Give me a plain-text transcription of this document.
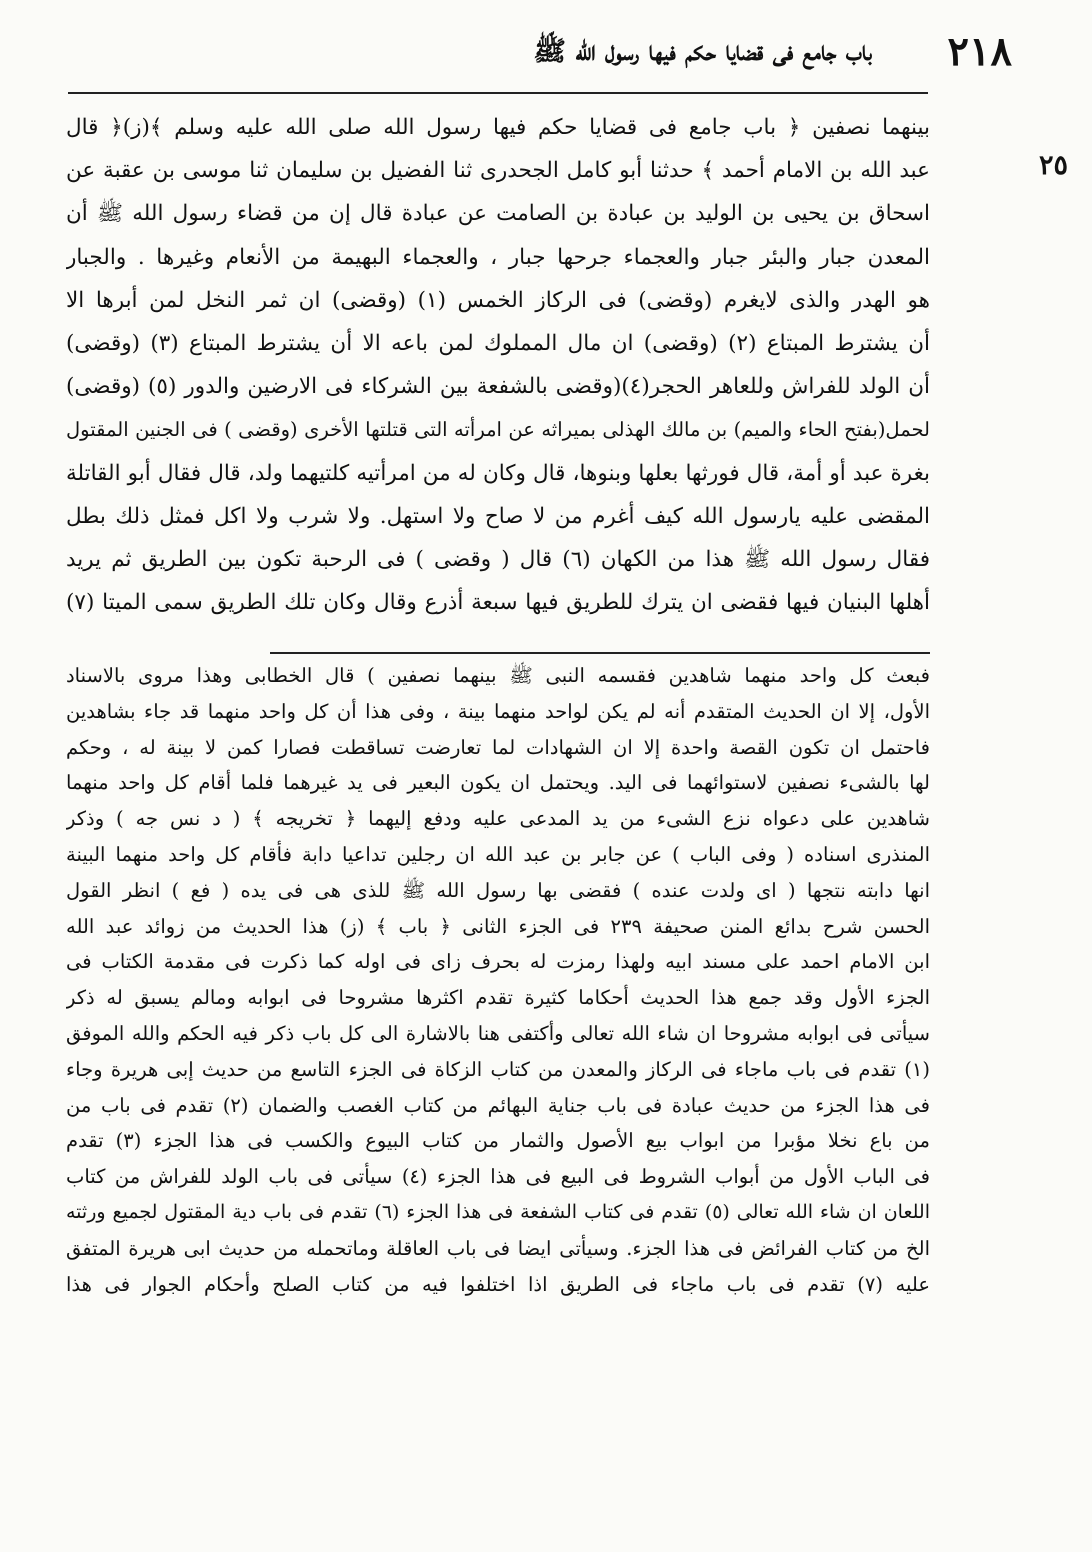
٢١٨
باب جامع فى قضايا حكم فيها رسول الله ﷺ
٢٥
بينهما نصفين ﴿ باب جامع فى قضايا حكم فيها رسول الله صلى الله عليه وسلم ﴾(ز)﴿ قال
عبد الله بن الامام أحمد ﴾ حدثنا أبو كامل الجحدرى ثنا الفضيل بن سليمان ثنا موسى بن عقبة عن
اسحاق بن يحيى بن الوليد بن عبادة بن الصامت عن عبادة قال إن من قضاء رسول الله ﷺ أن
المعدن جبار والبئر جبار والعجماء جرحها جبار ، والعجماء البهيمة من الأنعام وغيرها . والجبار
هو الهدر والذى لايغرم (وقضى) فى الركاز الخمس (١) (وقضى) ان ثمر النخل لمن أبرها الا
أن يشترط المبتاع (٢) (وقضى) ان مال المملوك لمن باعه الا أن يشترط المبتاع (٣) (وقضى)
أن الولد للفراش وللعاهر الحجر(٤)(وقضى بالشفعة بين الشركاء فى الارضين والدور (٥) (وقضى)
لحمل(بفتح الحاء والميم) بن مالك الهذلى بميراثه عن امرأته التى قتلتها الأخرى (وقضى ) فى الجنين المقتول
بغرة عبد أو أمة، قال فورثها بعلها وبنوها، قال وكان له من امرأتيه كلتيهما ولد، قال فقال أبو القاتلة
المقضى عليه يارسول الله كيف أغرم من لا صاح ولا استهل. ولا شرب ولا اكل فمثل ذلك بطل
فقال رسول الله ﷺ هذا من الكهان (٦) قال ( وقضى ) فى الرحبة تكون بين الطريق ثم يريد
أهلها البنيان فيها فقضى ان يترك للطريق فيها سبعة أذرع وقال وكان تلك الطريق سمى الميتا (٧)
فبعث كل واحد منهما شاهدين فقسمه النبى ﷺ بينهما نصفين ) قال الخطابى وهذا مروى بالاسناد
الأول، إلا ان الحديث المتقدم أنه لم يكن لواحد منهما بينة ، وفى هذا أن كل واحد منهما قد جاء بشاهدين
فاحتمل ان تكون القصة واحدة إلا ان الشهادات لما تعارضت تساقطت فصارا كمن لا بينة له ، وحكم
لها بالشىء نصفين لاستوائهما فى اليد. ويحتمل ان يكون البعير فى يد غيرهما فلما أقام كل واحد منهما
شاهدين على دعواه نزع الشىء من يد المدعى عليه ودفع إليهما ﴿ تخريجه ﴾ ( د نس جه ) وذكر
المنذرى اسناده ( وفى الباب ) عن جابر بن عبد الله ان رجلين تداعيا دابة فأقام كل واحد منهما البينة
انها دابته نتجها ( اى ولدت عنده ) فقضى بها رسول الله ﷺ للذى هى فى يده ( فع ) انظر القول
الحسن شرح بدائع المنن صحيفة ٢٣٩ فى الجزء الثانى ﴿ باب ﴾ (ز) هذا الحديث من زوائد عبد الله
ابن الامام احمد على مسند ابيه ولهذا رمزت له بحرف زاى فى اوله كما ذكرت فى مقدمة الكتاب فى
الجزء الأول وقد جمع هذا الحديث أحكاما كثيرة تقدم اكثرها مشروحا فى ابوابه ومالم يسبق له ذكر
سيأتى فى ابوابه مشروحا ان شاء الله تعالى وأكتفى هنا بالاشارة الى كل باب ذكر فيه الحكم والله الموفق
(١) تقدم فى باب ماجاء فى الركاز والمعدن من كتاب الزكاة فى الجزء التاسع من حديث إبى هريرة وجاء
فى هذا الجزء من حديث عبادة فى باب جناية البهائم من كتاب الغصب والضمان (٢) تقدم فى باب من
من باع نخلا مؤبرا من ابواب بيع الأصول والثمار من كتاب البيوع والكسب فى هذا الجزء (٣) تقدم
فى الباب الأول من أبواب الشروط فى البيع فى هذا الجزء (٤) سيأتى فى باب الولد للفراش من كتاب
اللعان ان شاء الله تعالى (٥) تقدم فى كتاب الشفعة فى هذا الجزء (٦) تقدم فى باب دية المقتول لجميع ورثته
الخ من كتاب الفرائض فى هذا الجزء. وسيأتى ايضا فى باب العاقلة وماتحمله من حديث ابى هريرة المتفق
عليه (٧) تقدم فى باب ماجاء فى الطريق اذا اختلفوا فيه من كتاب الصلح وأحكام الجوار فى هذا
